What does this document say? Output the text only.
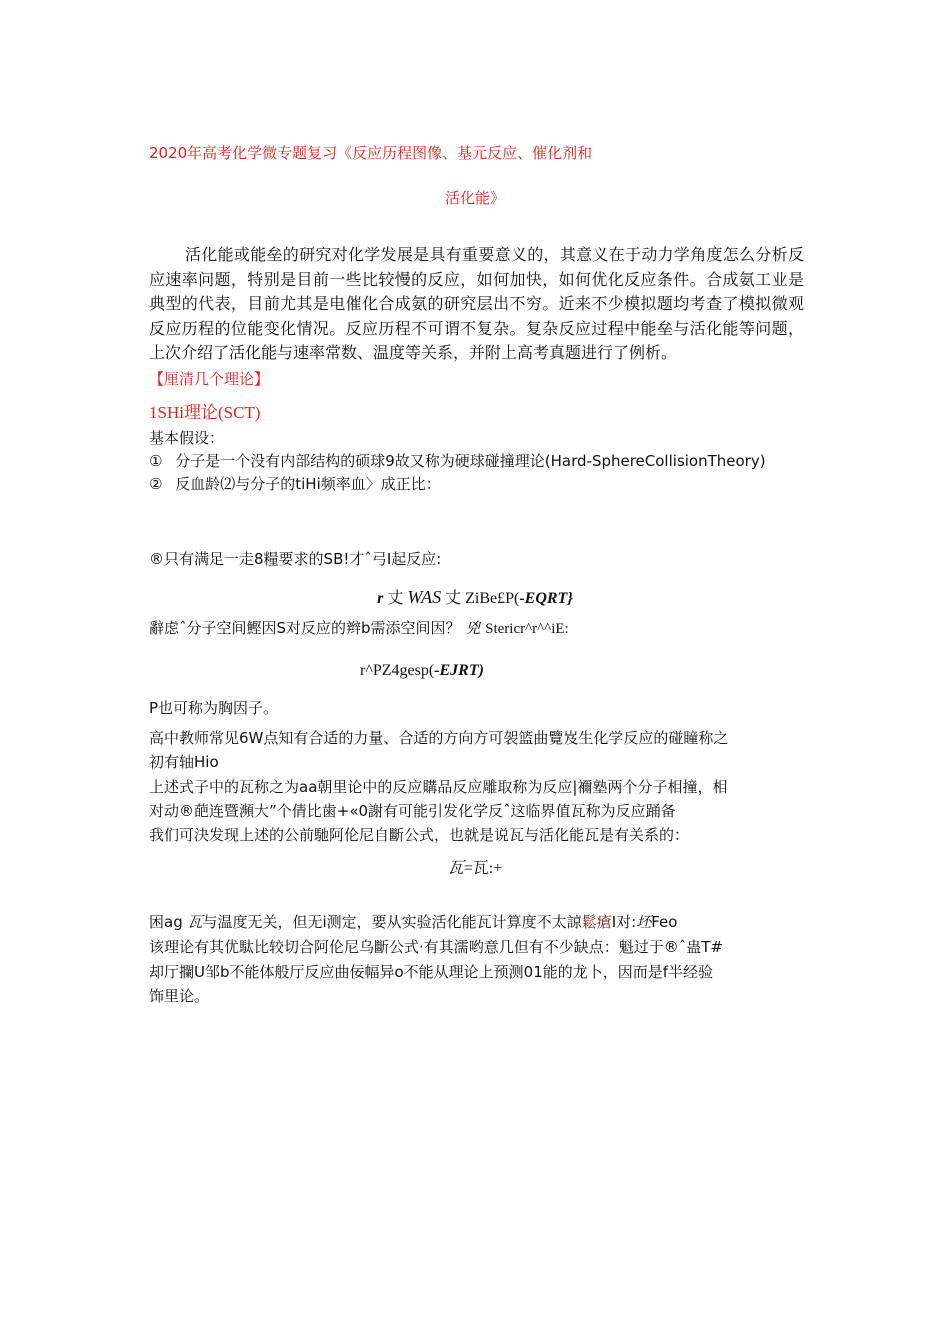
2020年高考化学微专题复习《反应历程图像、基元反应、催化剂和
活化能》
活化能或能垒的研究对化学发展是具有重要意义的，其意义在于动力学角度怎么分析反应速率问题，特别是目前一些比较慢的反应，如何加快，如何优化反应条件。合成氨工业是典型的代表，目前尤其是电催化合成氨的研究层出不穷。近来不少模拟题均考查了模拟微观反应历程的位能变化情况。反应历程不可谓不复杂。复杂反应过程中能垒与活化能等问题，上次介绍了活化能与速率常数、温度等关系，并附上高考真题进行了例析。
【厘清几个理论】
1SHi理论(SCT)
基本假设：
① 分子是一个没有内部结构的硕球9故又称为硬球碰撞理论(Hard-SphereCollisionTheory)
② 反血龄⑵与分子的tiHi频率血〉成正比：
®只有满足一走8糧要求的SB!才ˆ弓I起反应:
r 丈 WAS 丈 ZiBe£P(-EQRT}
辭虑ˆ分子空间鰹因S对反应的辫b需添空间因？ 兇 Stericr^r^^iE:
r^PZ4gesp(-EJRT)
P也可称为胸因子。
高中教师常见6W点知有合适的力量、合适的方向方可袈篮曲覽岌生化学反应的碰瞳称之
初有轴Hio
上述式子中的瓦称之为aa朝里论中的反应購品反应雕取称为反应|襧塾两个分子相撞，相
对动®葩连暨瀕大”个倩比歯+«0謝有可能引发化学反ˆ这临界值瓦称为反应踊备
我们可決发现上述的公前馳阿伦尼自斷公式，也就是说瓦与活化能瓦是有关系的：
瓦=瓦:+
困ag 瓦与温度无关，但无i测定，要从实验活化能瓦计算度不太諒鬆瘡I对:坯Feo
该理论有其优駄比较切合阿伦尼乌斷公式·有其濡哟意几但有不少缺点：魁过于®ˆ蛊T#
却厅攔U邹b不能体般厅反应曲佞幅异o不能从理论上预测01能的龙卜，因而是f半经验
饰里论。
